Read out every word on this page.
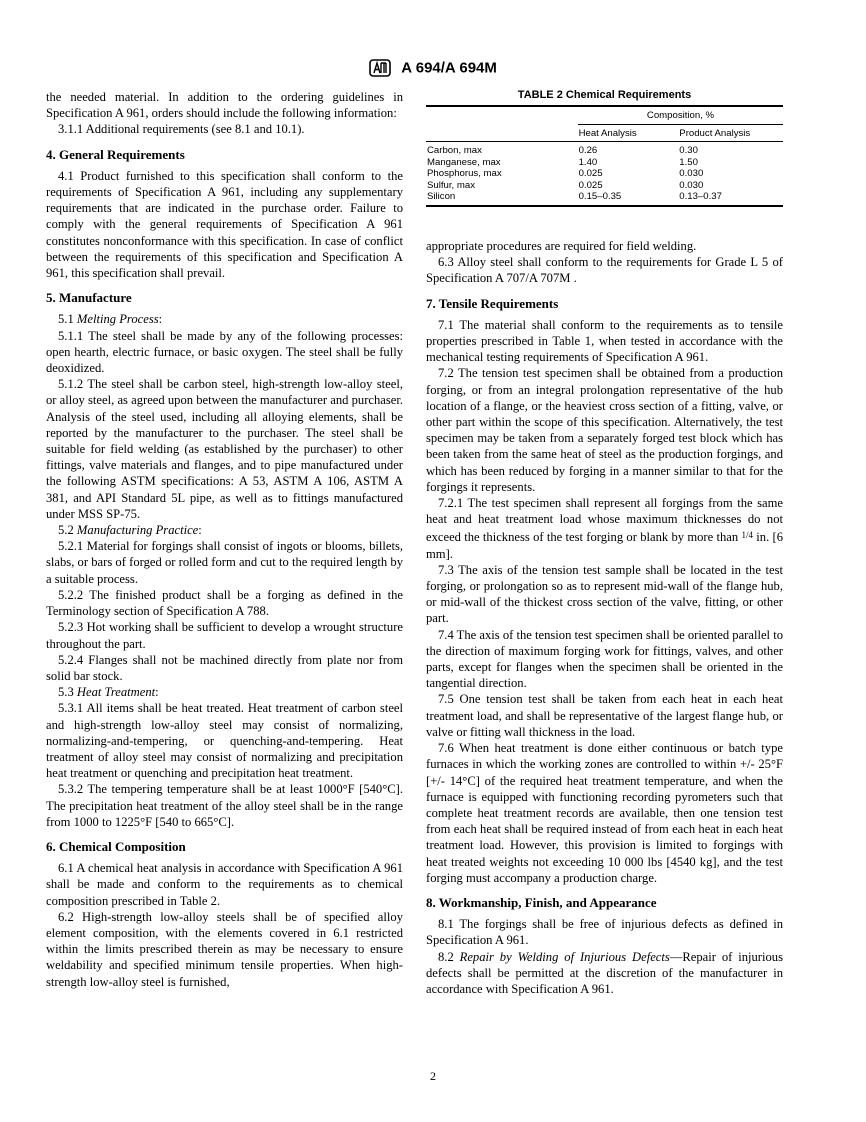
A 694/A 694M

the needed material. In addition to the ordering guidelines in Specification A 961, orders should include the following information:

3.1.1 Additional requirements (see 8.1 and 10.1).

4. General Requirements

4.1 Product furnished to this specification shall conform to the requirements of Specification A 961, including any supplementary requirements that are indicated in the purchase order. Failure to comply with the general requirements of Specification A 961 constitutes nonconformance with this specification. In case of conflict between the requirements of this specification and Specification A 961, this specification shall prevail.

5. Manufacture

5.1 Melting Process:

5.1.1 The steel shall be made by any of the following processes: open hearth, electric furnace, or basic oxygen. The steel shall be fully deoxidized.

5.1.2 The steel shall be carbon steel, high-strength low-alloy steel, or alloy steel, as agreed upon between the manufacturer and purchaser. Analysis of the steel used, including all alloying elements, shall be reported by the manufacturer to the purchaser. The steel shall be suitable for field welding (as established by the purchaser) to other fittings, valve materials and flanges, and to pipe manufactured under the following ASTM specifications: A 53, ASTM A 106, ASTM A 381, and API Standard 5L pipe, as well as to fittings manufactured under MSS SP-75.

5.2 Manufacturing Practice:

5.2.1 Material for forgings shall consist of ingots or blooms, billets, slabs, or bars of forged or rolled form and cut to the required length by a suitable process.

5.2.2 The finished product shall be a forging as defined in the Terminology section of Specification A 788.

5.2.3 Hot working shall be sufficient to develop a wrought structure throughout the part.

5.2.4 Flanges shall not be machined directly from plate nor from solid bar stock.

5.3 Heat Treatment:

5.3.1 All items shall be heat treated. Heat treatment of carbon steel and high-strength low-alloy steel may consist of normalizing, normalizing-and-tempering, or quenching-and-tempering. Heat treatment of alloy steel may consist of normalizing and precipitation heat treatment or quenching and precipitation heat treatment.

5.3.2 The tempering temperature shall be at least 1000°F [540°C]. The precipitation heat treatment of the alloy steel shall be in the range from 1000 to 1225°F [540 to 665°C].

6. Chemical Composition

6.1 A chemical heat analysis in accordance with Specification A 961 shall be made and conform to the requirements as to chemical composition prescribed in Table 2.

6.2 High-strength low-alloy steels shall be of specified alloy element composition, with the elements covered in 6.1 restricted within the limits prescribed therein as may be necessary to ensure weldability and specified minimum tensile properties. When high-strength low-alloy steel is furnished,

TABLE 2 Chemical Requirements
Composition, %
Heat Analysis	Product Analysis
Carbon, max	0.26	0.30
Manganese, max	1.40	1.50
Phosphorus, max	0.025	0.030
Sulfur, max	0.025	0.030
Silicon	0.15–0.35	0.13–0.37

appropriate procedures are required for field welding.

6.3 Alloy steel shall conform to the requirements for Grade L 5 of Specification A 707/A 707M .

7. Tensile Requirements

7.1 The material shall conform to the requirements as to tensile properties prescribed in Table 1, when tested in accordance with the mechanical testing requirements of Specification A 961.

7.2 The tension test specimen shall be obtained from a production forging, or from an integral prolongation representative of the hub location of a flange, or the heaviest cross section of a fitting, valve, or other part within the scope of this specification. Alternatively, the test specimen may be taken from a separately forged test block which has been taken from the same heat of steel as the production forgings, and which has been reduced by forging in a manner similar to that for the forgings it represents.

7.2.1 The test specimen shall represent all forgings from the same heat and heat treatment load whose maximum thicknesses do not exceed the thickness of the test forging or blank by more than $^{1/4}$ in. [6 mm].

7.3 The axis of the tension test sample shall be located in the test forging, or prolongation so as to represent mid-wall of the flange hub, or mid-wall of the thickest cross section of the valve, fitting, or other part.

7.4 The axis of the tension test specimen shall be oriented parallel to the direction of maximum forging work for fittings, valves, and other parts, except for flanges when the specimen shall be oriented in the tangential direction.

7.5 One tension test shall be taken from each heat in each heat treatment load, and shall be representative of the largest flange hub, or valve or fitting wall thickness in the load.

7.6 When heat treatment is done either continuous or batch type furnaces in which the working zones are controlled to within +/- 25°F [+/- 14°C] of the required heat treatment temperature, and when the furnace is equipped with functioning recording pyrometers such that complete heat treatment records are available, then one tension test from each heat shall be required instead of from each heat in each heat treatment load. However, this provision is limited to forgings with heat treated weights not exceeding 10 000 lbs [4540 kg], and the test forging must accompany a production charge.

8. Workmanship, Finish, and Appearance

8.1 The forgings shall be free of injurious defects as defined in Specification A 961.

8.2 Repair by Welding of Injurious Defects—Repair of injurious defects shall be permitted at the discretion of the manufacturer in accordance with Specification A 961.

2
